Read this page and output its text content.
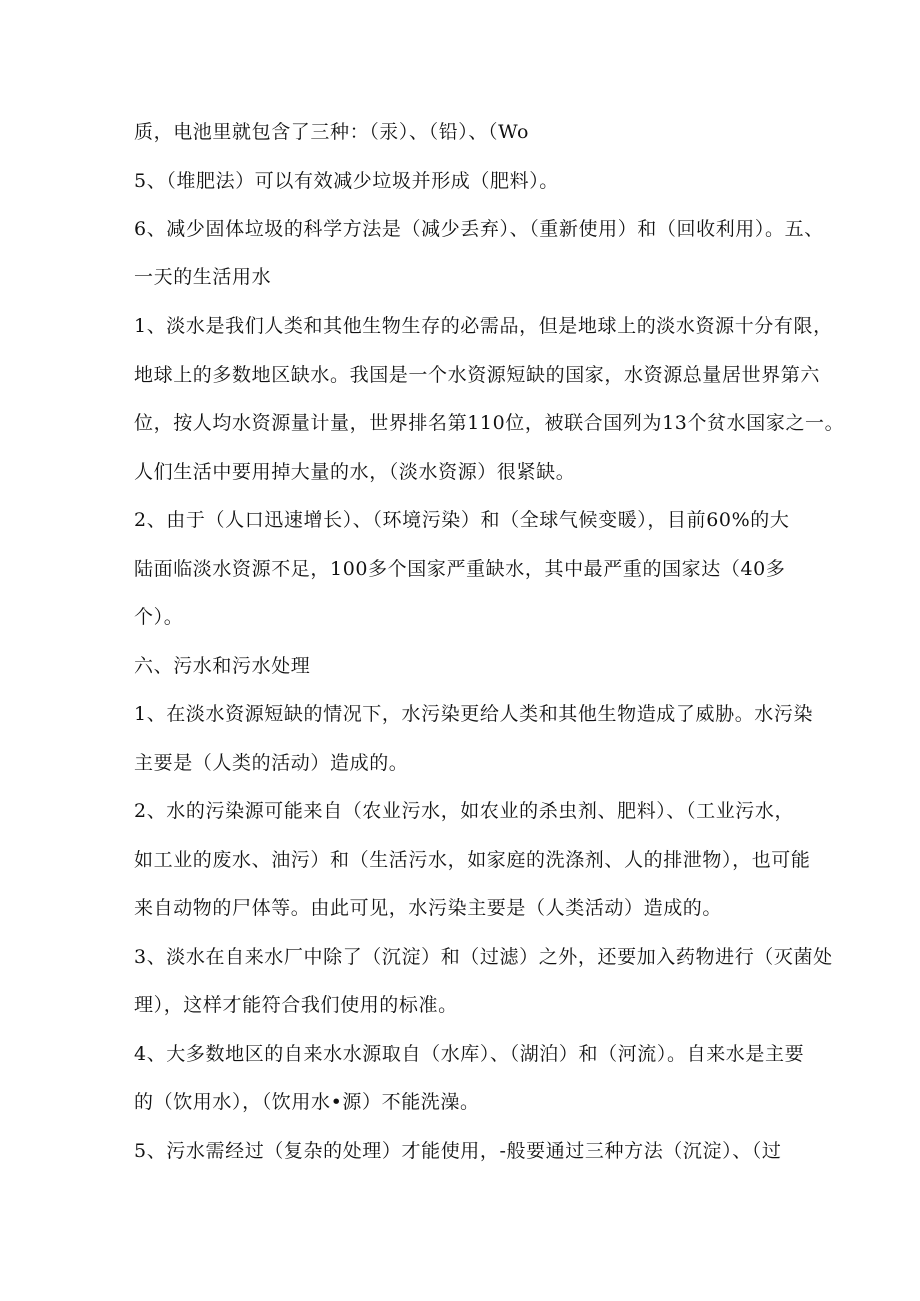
质，电池里就包含了三种：（汞）、（铅）、（Wo
5、（堆肥法）可以有效减少垃圾并形成（肥料）。
6、减少固体垃圾的科学方法是（减少丢弃）、（重新使用）和（回收利用）。五、
一天的生活用水
1、淡水是我们人类和其他生物生存的必需品，但是地球上的淡水资源十分有限，
地球上的多数地区缺水。我国是一个水资源短缺的国家，水资源总量居世界第六
位，按人均水资源量计量，世界排名第110位，被联合国列为13个贫水国家之一。
人们生活中要用掉大量的水，（淡水资源）很紧缺。
2、由于（人口迅速增长）、（环境污染）和（全球气候变暖），目前60%的大
陆面临淡水资源不足，100多个国家严重缺水，其中最严重的国家达（40多
个）。
六、污水和污水处理
1、在淡水资源短缺的情况下，水污染更给人类和其他生物造成了威胁。水污染
主要是（人类的活动）造成的。
2、水的污染源可能来自（农业污水，如农业的杀虫剂、肥料）、（工业污水，
如工业的废水、油污）和（生活污水，如家庭的洗涤剂、人的排泄物），也可能
来自动物的尸体等。由此可见，水污染主要是（人类活动）造成的。
3、淡水在自来水厂中除了（沉淀）和（过滤）之外，还要加入药物进行（灭菌处
理），这样才能符合我们使用的标准。
4、大多数地区的自来水水源取自（水库）、（湖泊）和（河流）。自来水是主要
的（饮用水），（饮用水•源）不能洗澡。
5、污水需经过（复杂的处理）才能使用，-般要通过三种方法（沉淀）、（过
